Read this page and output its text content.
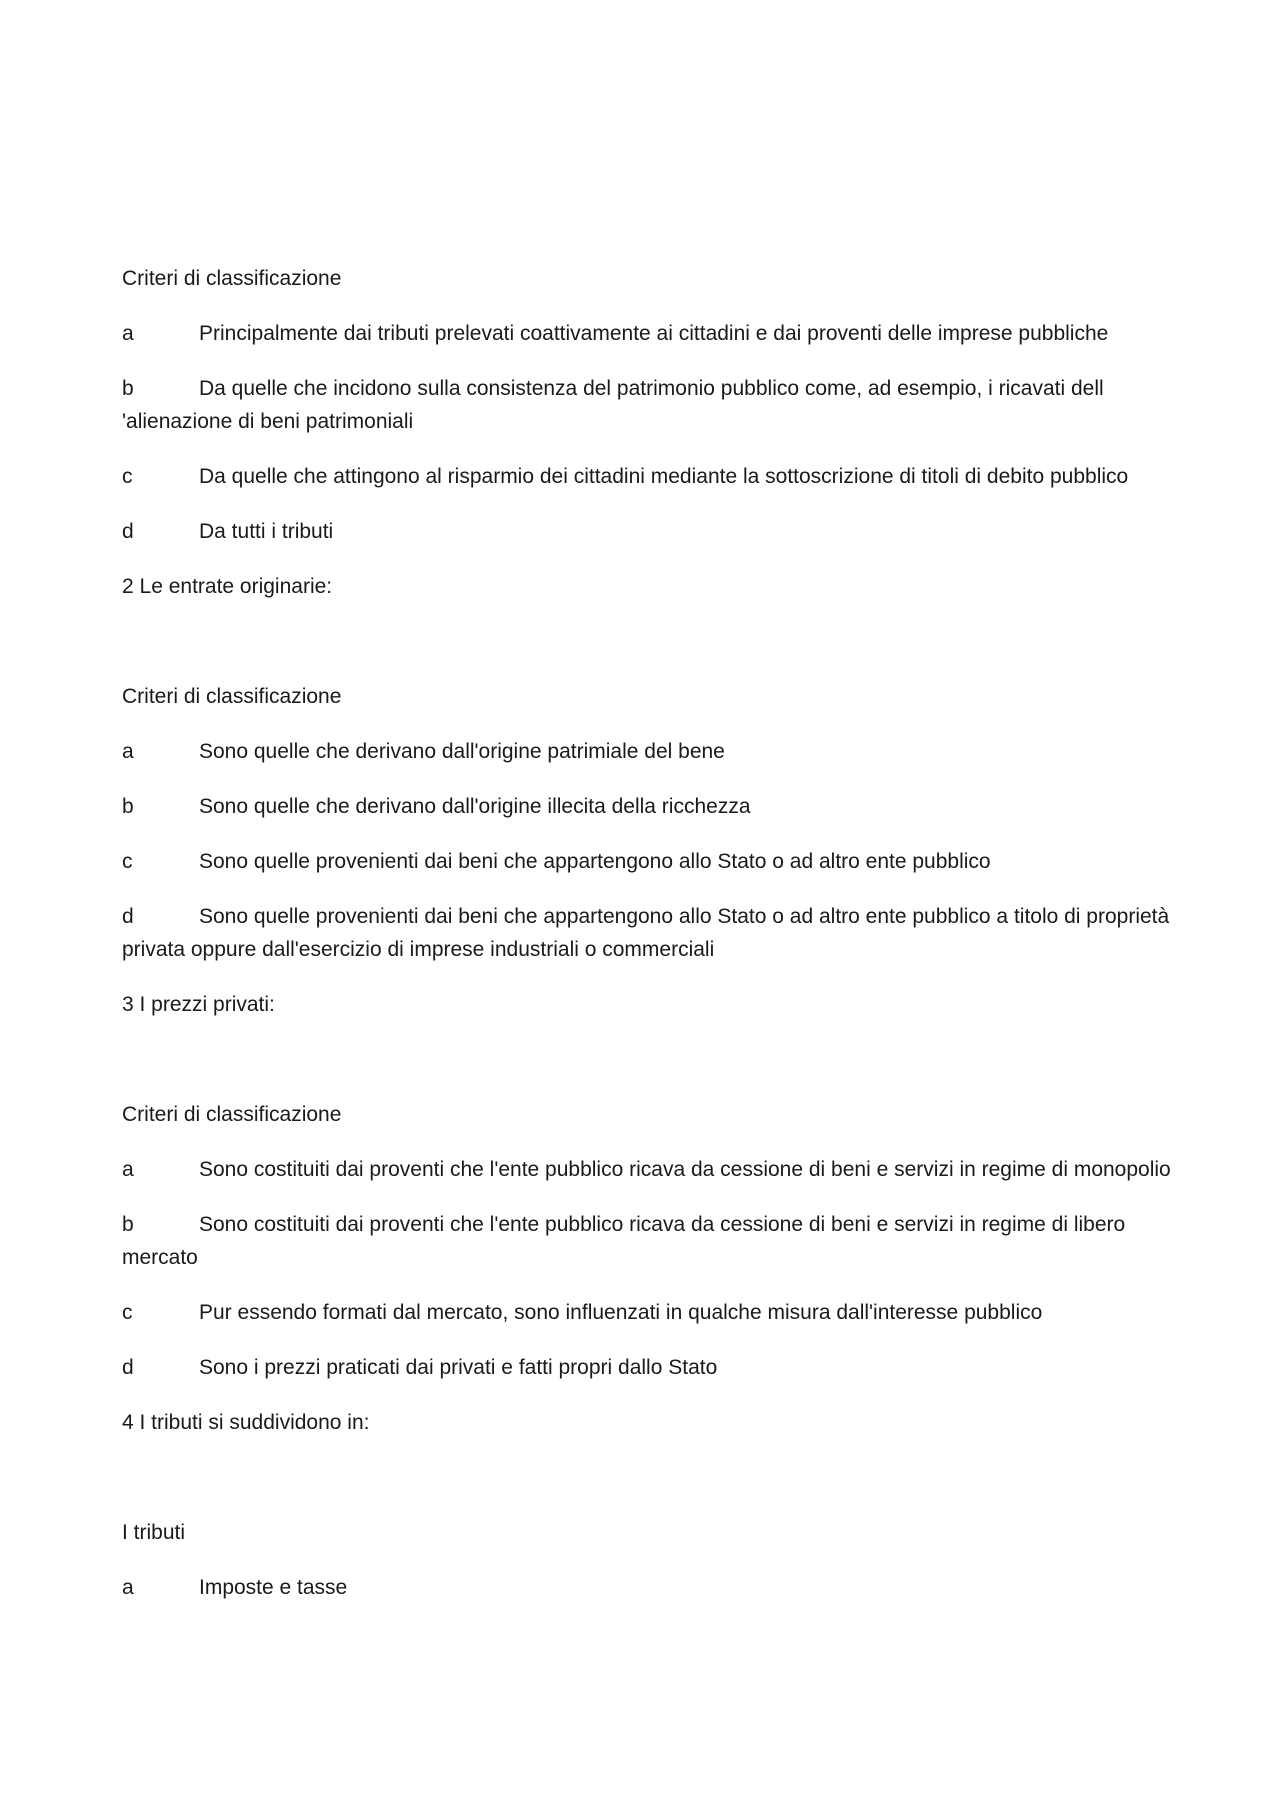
Criteri di classificazione

a	Principalmente dai tributi prelevati coattivamente ai cittadini e dai proventi delle imprese pubbliche

b	Da quelle che incidono sulla consistenza del patrimonio pubblico come, ad esempio, i ricavati dell 'alienazione di beni patrimoniali

c	Da quelle che attingono al risparmio dei cittadini mediante la sottoscrizione di titoli di debito pubblico

d	Da tutti i tributi

2 Le entrate originarie:

Criteri di classificazione

a	Sono quelle che derivano dall'origine patrimiale del bene

b	Sono quelle che derivano dall'origine illecita della ricchezza

c	Sono quelle provenienti dai beni che appartengono allo Stato o ad altro ente pubblico

d	Sono quelle provenienti dai beni che appartengono allo Stato o ad altro ente pubblico a titolo di proprietà privata oppure dall'esercizio di imprese industriali o commerciali

3 I prezzi privati:

Criteri di classificazione

a	Sono costituiti dai proventi che l'ente pubblico ricava da cessione di beni e servizi in regime di monopolio

b	Sono costituiti dai proventi che l'ente pubblico ricava da cessione di beni e servizi in regime di libero mercato

c	Pur essendo formati dal mercato, sono influenzati in qualche misura dall'interesse pubblico

d	Sono i prezzi praticati dai privati e fatti propri dallo Stato

4 I tributi si suddividono in:

I tributi

a	Imposte e tasse
